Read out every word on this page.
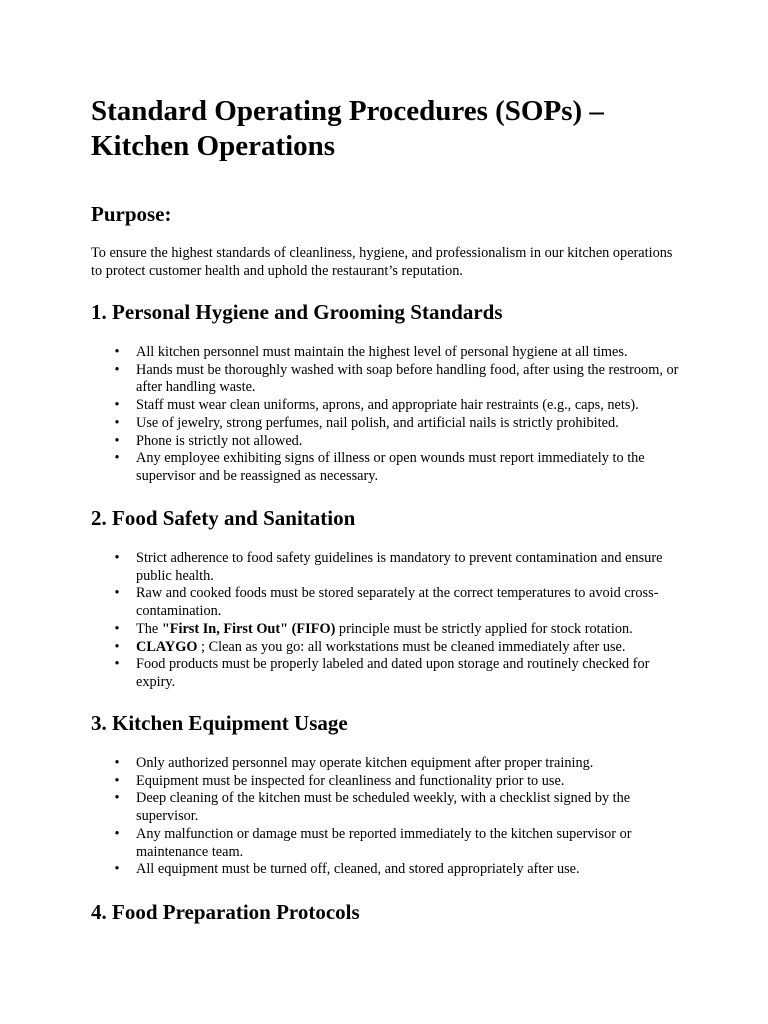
Standard Operating Procedures (SOPs) – Kitchen Operations
Purpose:

To ensure the highest standards of cleanliness, hygiene, and professionalism in our kitchen operations to protect customer health and uphold the restaurant’s reputation.

1. Personal Hygiene and Grooming Standards
• All kitchen personnel must maintain the highest level of personal hygiene at all times.
• Hands must be thoroughly washed with soap before handling food, after using the restroom, or after handling waste.
• Staff must wear clean uniforms, aprons, and appropriate hair restraints (e.g., caps, nets).
• Use of jewelry, strong perfumes, nail polish, and artificial nails is strictly prohibited.
• Phone is strictly not allowed.
• Any employee exhibiting signs of illness or open wounds must report immediately to the supervisor and be reassigned as necessary.
2. Food Safety and Sanitation
• Strict adherence to food safety guidelines is mandatory to prevent contamination and ensure public health.
• Raw and cooked foods must be stored separately at the correct temperatures to avoid cross-contamination.
• The "First In, First Out" (FIFO) principle must be strictly applied for stock rotation.
• CLAYGO ; Clean as you go: all workstations must be cleaned immediately after use.
• Food products must be properly labeled and dated upon storage and routinely checked for expiry.
3. Kitchen Equipment Usage
• Only authorized personnel may operate kitchen equipment after proper training.
• Equipment must be inspected for cleanliness and functionality prior to use.
• Deep cleaning of the kitchen must be scheduled weekly, with a checklist signed by the supervisor.
• Any malfunction or damage must be reported immediately to the kitchen supervisor or maintenance team.
• All equipment must be turned off, cleaned, and stored appropriately after use.
4. Food Preparation Protocols
